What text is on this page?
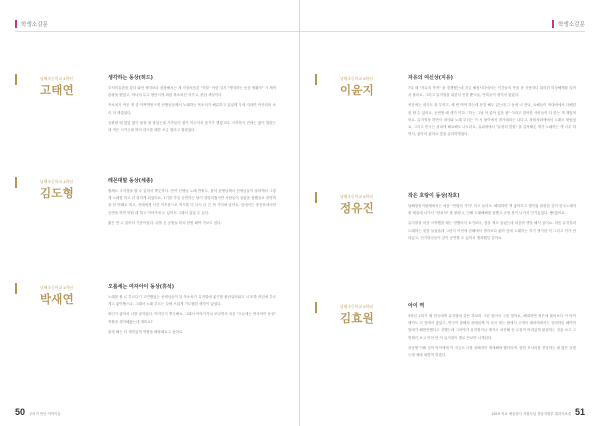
학생소감문
남해초등학교 4학년
고태연
생각하는 동상(허드)

부석미술관을 갔다 와선 생각보다 굉장해서는 게 가장처음본 "허블" 이란 검지 "생각하는 동상 생활자" 가 제작 관광을 했었고, 하나의 무고 방안시게 최된 복소치신 지키고, 편한 세상이다.

목소치가 작은 게 좀 이쁘여번으면 선생님들께서 노래하는 목소치가 해류하고 있었께 우세 지내면 작산되의 소리 더 생겼었다.

공판할 때 많았 많이 붙을 잘 참았는데 가족들이 집이 아주셔서 좀기가 생겼고다. 시작하기 전에는 많이 떨렸는데 적은 시키는데 여러 대시를 때한 조금 떨리고 떨렸었다.

남해초등학교 4학년
김도형
레몬대말 동상(세종)

할체도 국지점을 할 수 있어서 뿌듯하다. 안약 선생님 노래 반원도, 물약 선생님께서 선생님들이 잘하게서 그렇게 노래를 하고 더 잘하게 되었어요. 1기를 가일 공연하는 날이 얼떨리웠지만 사람들이 상좋을 잘했음요 한명씩을 한 번째로 비고, 선배에게 시간 이후용으로 역시를 더 다시 더 긴 게 기억에 남아요. 앞에서는 중음표에서만 공연을 하면 어떤 데 하고 이야기에 도 있어서 그래서 있었 수 있다.

짧은 만 수 읽어서 가릉이었다. 뒤를 온 공원들 미처 한번 봐야 가보고 싶다.

남해초등학교 4학년
박새연
오름세는 여자아이 동상(휴석)

노래를 할 로 부르다기 고민했었는 선생님들이 뒤 목소치가 뮤지컬에 좋기를 불러일어와고 너 또하 작년에 부르게고 좋아했으나, 그래서 노래 부르는 것에 즈겁게 기도했던 생각이 있었다.

화인가 좋아서 너를 냥자였다. 여자인지 뿌듯해요. 그래서 이야기거나 보다면서 처음 "초등세는 여자아이 동상" 역할을 생각해왔는데 재미요?

판정 해는 더 재미있게 역할을 해볼래요고 싶어요.

50 우리가 만난 이야기들
학생소감문
남해초등학교 6학년
이윤지
자유의 여신상(지유)

7일 때 "자유의 목적" 을 경쟁했는데 지금 해봅시다에서는 인간들의 목을 좀 사용하다 뭐라던 미상해께를 일어서 불러요, 그러고 뮤지컬을 위한서 진한 뿐시들, 연록들이 생겨서 좋았다.

처음에는 대사도 잘 부석고, 세 번 여야 하는데 문말 해도 있는데 그 동에 너 만나, 요해들이 여대에에서 다해한 잘 할 수 있어요. 공연할 때 생가 이다. "하는 그날 아 좋아 있음 잡" 이라고 맞아한 사람들이 다 한는 게 재밌어어요. 뮤지컬을 하면서 대사와 노래 부러는 이 시 불이에서 참가데되는 나다고, 창원성화에에서 노래도 불렀었요, 그리고 민국는 창내에 해요해도 나오러요, 유위에에서 "유당의 맞힘" 을 갑작해온 게가 노래하는 게 너무 하여서, 좋아서 좋아요 맞을 숨과하게었다.

남해초등학교 6학년
정유진
작은 호랑이 동상(작호)

남해창성지원체에서는 처음 "민원의 기억" 이고 들리오. 해내하면 책 좋아지고 행이었 판취한 갈이 한국노래자원 배업에 나가서 "장치처" 를 불렸고, 인해 노래해해를 접했고 공항 장이 나가서 인기있었다. 빵!겠어요.

뮤지컬을 처음 시작했을 때는 점했어서 보기보다, 점을 제도 있었는데 처음한 생을 해서 있어요. 처음 뮤지컬과 노래하는 것을 들었을데 그런지 이번에 감해에서 생각보다 좋아 앞에 노래하는 지기 생가한 이 그리고 이가 안 되었고, 인기랑다들이 같이 공연할 수 있어서 행복했던 같아요.

남해초등학교 6학년
김효원
아이 역

3학년 2학기 때 민국에게 뮤지컬에 같은 하보라 그런 엄어서 그런 맞아요, 해내하면 원은에 불러보다 이 아이 배역도 더 말에서 많았고, 연극이 잘해서 선배들께 이 다시 하는 할에서 고개이 매력에에서는 강력하던 해야만 말에가 해롭만했다고 감했는데 그러야가 뮤지컬이나 생각고 차진해 선 무릅이 어려있게 불점하는 것을 보고 그 면제가 보고 이어 단 이 뮤지컬이 별로 안보면 나게되다.

처음엔 이뻐 것이 아이에게 이 지금도 너를 것해지이 재에해바 했더라며, 중한 모사리를 전달하는 데 많은 걸렸는데 재매 폭발적 즐겼다.

2019 학교 예술강사 지원사업 경남지방부 결과자료집 51
